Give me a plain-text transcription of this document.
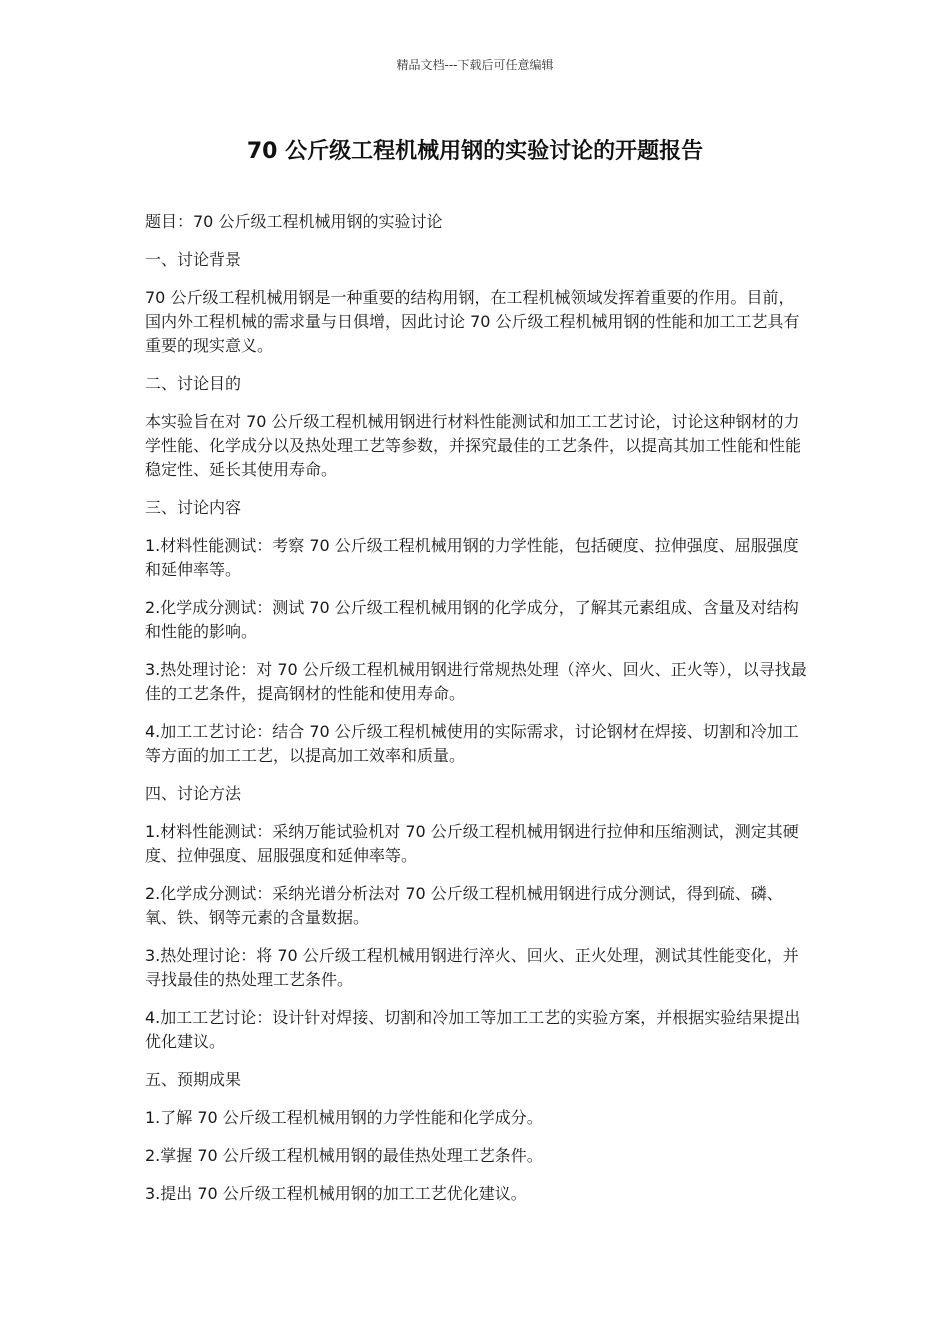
精品文档---下载后可任意编辑
70 公斤级工程机械用钢的实验讨论的开题报告

题目：70 公斤级工程机械用钢的实验讨论

一、讨论背景

70 公斤级工程机械用钢是一种重要的结构用钢，在工程机械领域发挥着重要的作用。目前，国内外工程机械的需求量与日俱增，因此讨论 70 公斤级工程机械用钢的性能和加工工艺具有重要的现实意义。

二、讨论目的

本实验旨在对 70 公斤级工程机械用钢进行材料性能测试和加工工艺讨论，讨论这种钢材的力学性能、化学成分以及热处理工艺等参数，并探究最佳的工艺条件，以提高其加工性能和性能稳定性、延长其使用寿命。

三、讨论内容

1.材料性能测试：考察 70 公斤级工程机械用钢的力学性能，包括硬度、拉伸强度、屈服强度和延伸率等。

2.化学成分测试：测试 70 公斤级工程机械用钢的化学成分，了解其元素组成、含量及对结构和性能的影响。

3.热处理讨论：对 70 公斤级工程机械用钢进行常规热处理（淬火、回火、正火等），以寻找最佳的工艺条件，提高钢材的性能和使用寿命。

4.加工工艺讨论：结合 70 公斤级工程机械使用的实际需求，讨论钢材在焊接、切割和冷加工等方面的加工工艺，以提高加工效率和质量。

四、讨论方法

1.材料性能测试：采纳万能试验机对 70 公斤级工程机械用钢进行拉伸和压缩测试，测定其硬度、拉伸强度、屈服强度和延伸率等。

2.化学成分测试：采纳光谱分析法对 70 公斤级工程机械用钢进行成分测试，得到硫、磷、氧、铁、钢等元素的含量数据。

3.热处理讨论：将 70 公斤级工程机械用钢进行淬火、回火、正火处理，测试其性能变化，并寻找最佳的热处理工艺条件。

4.加工工艺讨论：设计针对焊接、切割和冷加工等加工工艺的实验方案，并根据实验结果提出优化建议。

五、预期成果

1.了解 70 公斤级工程机械用钢的力学性能和化学成分。

2.掌握 70 公斤级工程机械用钢的最佳热处理工艺条件。

3.提出 70 公斤级工程机械用钢的加工工艺优化建议。
